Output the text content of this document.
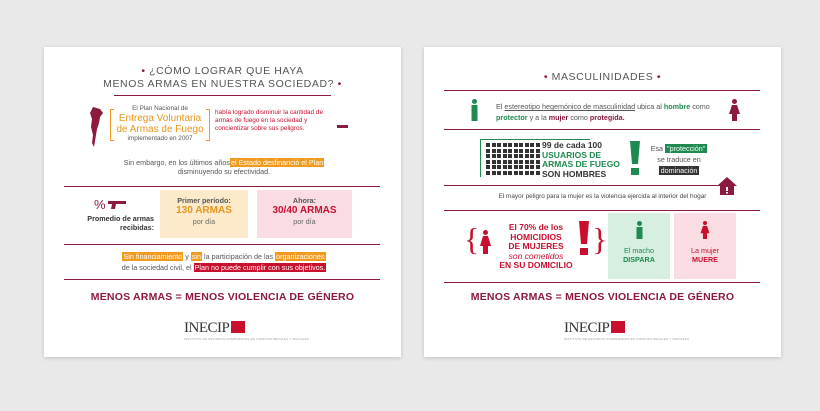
• ¿CÓMO LOGRAR QUE HAYA
MENOS ARMAS EN NUESTRA SOCIEDAD? •
El Plan Nacional de
Entrega Voluntaria
de Armas de Fuego
implementado en 2007
había logrado disminuir la cantidad de armas de fuego en la sociedad y concientizar sobre sus peligros.
Sin embargo, en los últimos añosel Estado desfinanció el Plan disminuyendo su efectividad.
%
Promedio de armas recibidas:
Primer período:
130 ARMAS
por día
Ahora:
30/40 ARMAS
por día
Sin financiamiento y sin la participación de las organizaciones
de la sociedad civil, el Plan no puede cumplir con sus objetivos.
MENOS ARMAS = MENOS VIOLENCIA DE GÉNERO
INECIP
INSTITUTO DE ESTUDIOS COMPARADOS EN CIENCIAS PENALES Y SOCIALES
• MASCULINIDADES •
El estereotipo hegemónico de masculinidad ubica al hombre como protector y a la mujer como protegida.
99 de cada 100
USUARIOS DE
ARMAS DE FUEGO
SON HOMBRES
Esa "protección"
se traduce en
dominación
El mayor peligro para la mujer es la violencia ejercida al interior del hogar
{	El 70% de los
HOMICIDIOS
DE MUJERES
son cometidos
EN SU DOMICILIO
}	El macho
DISPARA
La mujer
MUERE
MENOS ARMAS = MENOS VIOLENCIA DE GÉNERO
INECIP
INSTITUTO DE ESTUDIOS COMPARADOS EN CIENCIAS PENALES Y SOCIALES
